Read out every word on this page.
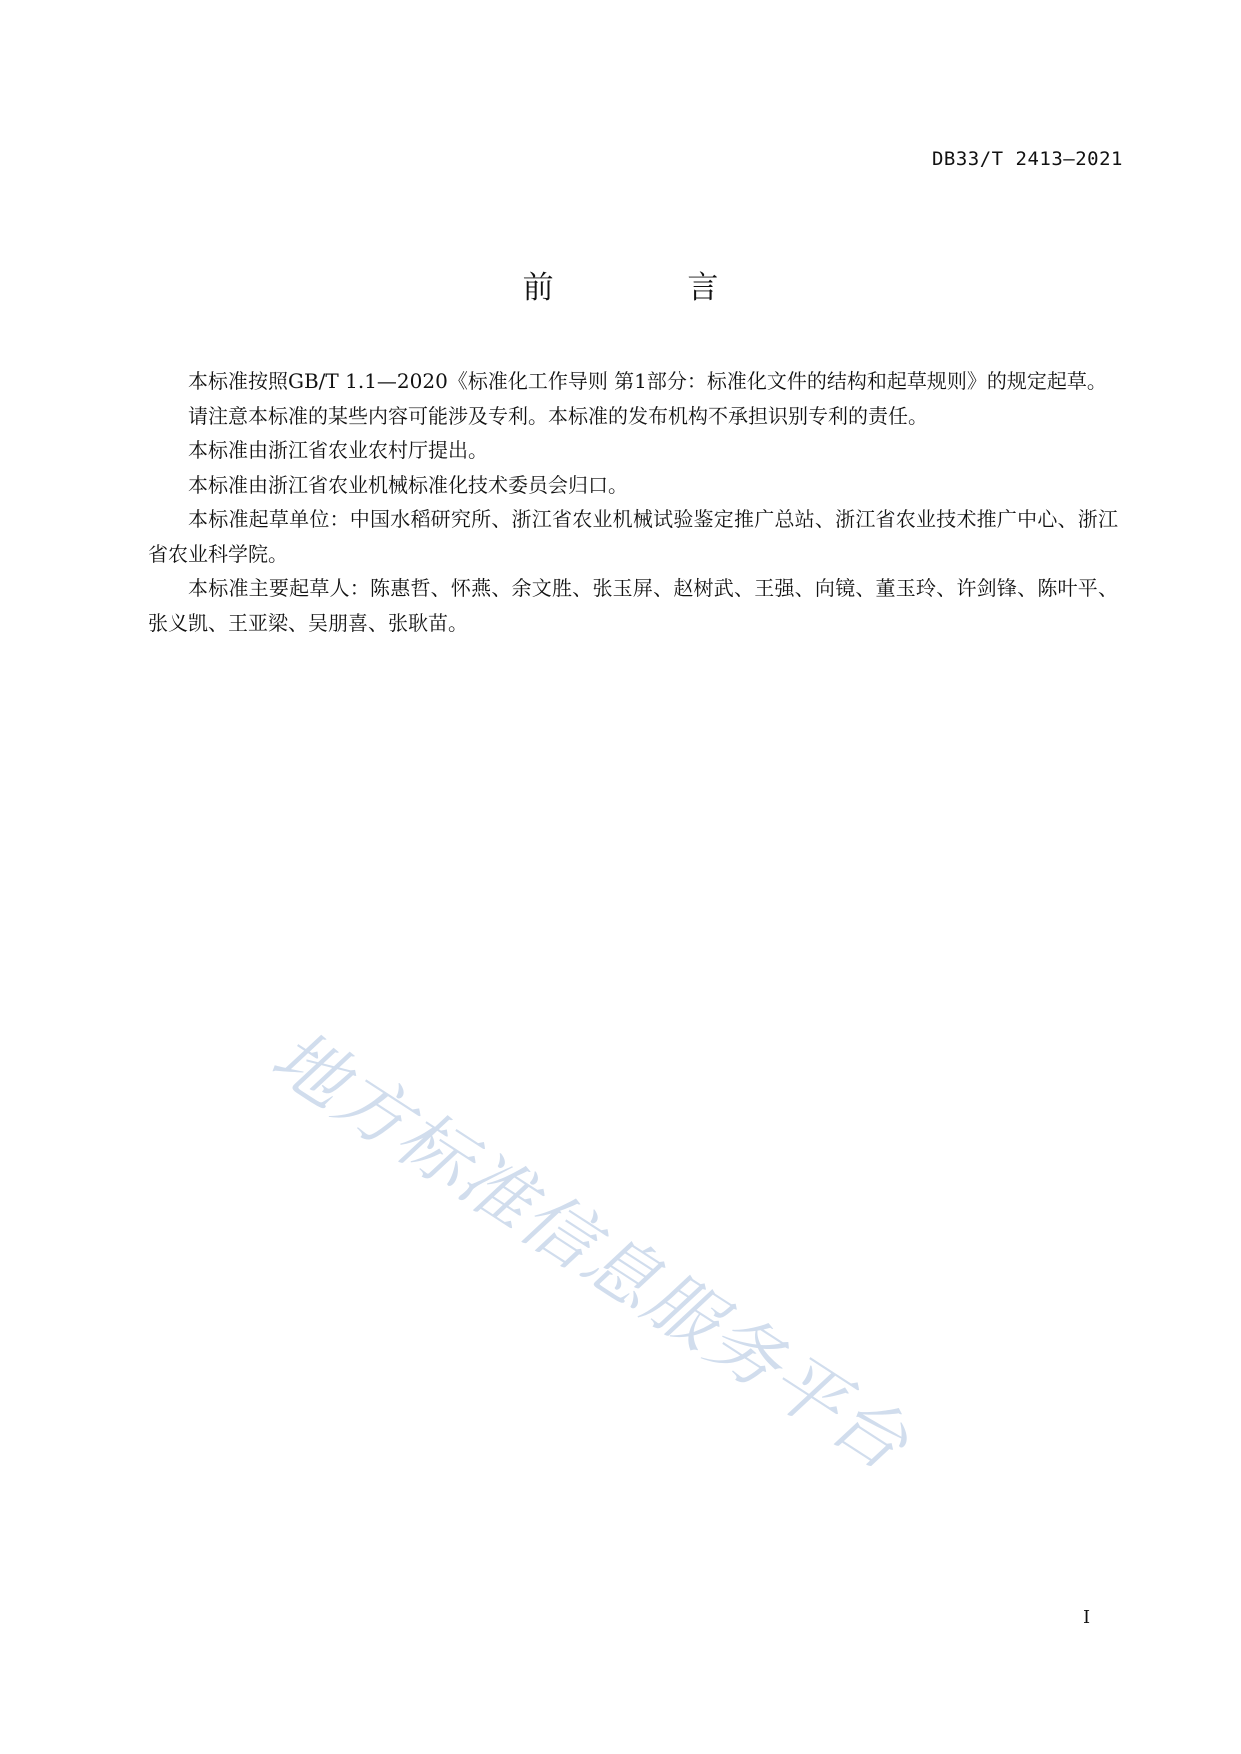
DB33/T 2413—2021
前 言

本标准按照GB/T 1.1—2020《标准化工作导则 第1部分：标准化文件的结构和起草规则》的规定起草。

请注意本标准的某些内容可能涉及专利。本标准的发布机构不承担识别专利的责任。

本标准由浙江省农业农村厅提出。

本标准由浙江省农业机械标准化技术委员会归口。

本标准起草单位：中国水稻研究所、浙江省农业机械试验鉴定推广总站、浙江省农业技术推广中心、浙江省农业科学院。

本标准主要起草人：陈惠哲、怀燕、余文胜、张玉屏、赵树武、王强、向镜、董玉玲、许剑锋、陈叶平、张义凯、王亚梁、吴朋喜、张耿苗。

地方标准信息服务平台
I
